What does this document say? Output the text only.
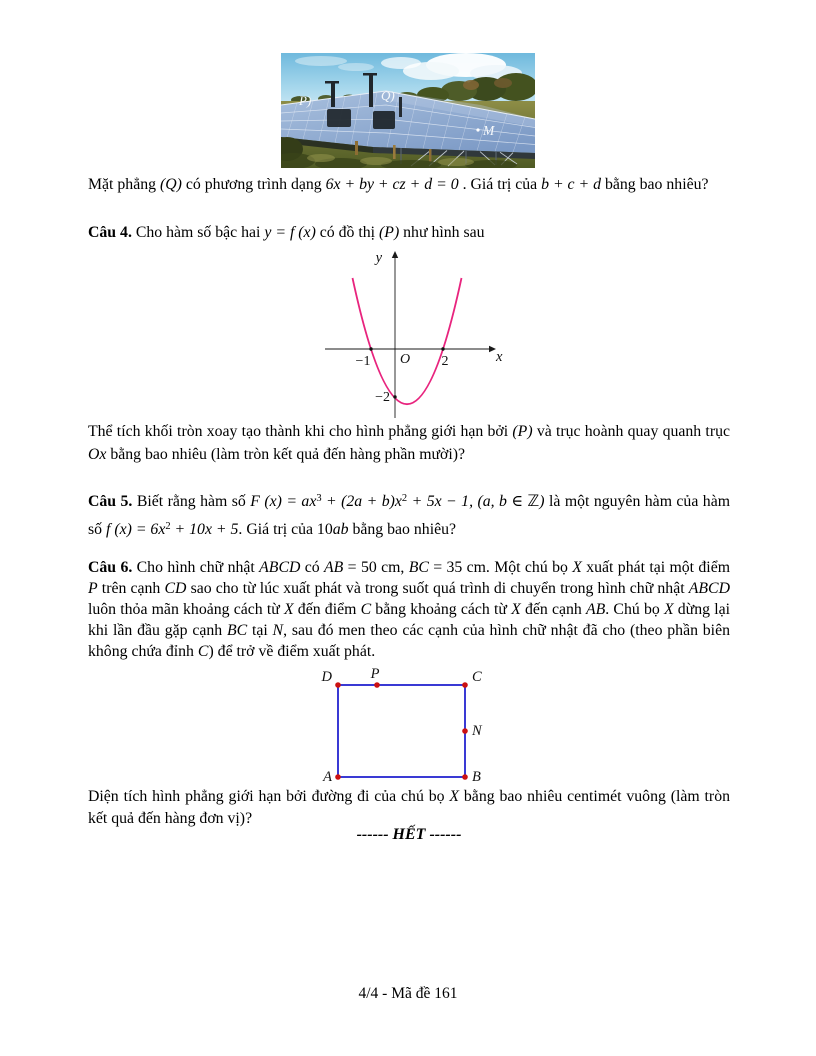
P)	Q)
M

Mặt phẳng (Q) có phương trình dạng 6x + by + cz + d = 0 . Giá trị của b + c + d bằng bao nhiêu?

Câu 4. Cho hàm số bậc hai y = f (x) có đồ thị (P) như hình sau

y
x
O
−1	2
−2

Thể tích khối tròn xoay tạo thành khi cho hình phẳng giới hạn bởi (P) và trục hoành quay quanh trục Ox bằng bao nhiêu (làm tròn kết quả đến hàng phần mười)?

Câu 5. Biết rằng hàm số F $(x) = ax^3 + (2a + b)x^2 + 5x - 1$, (a, b ∈ ℤ) là một nguyên hàm của hàm số f $(x) = 6x^2 + 10x + 5$. Giá trị của 10ab bằng bao nhiêu?

Câu 6. Cho hình chữ nhật ABCD có AB = 50 cm, BC = 35 cm. Một chú bọ X xuất phát tại một điểm P trên cạnh CD sao cho từ lúc xuất phát và trong suốt quá trình di chuyển trong hình chữ nhật ABCD luôn thỏa mãn khoảng cách từ X đến điểm C bằng khoảng cách từ X đến cạnh AB. Chú bọ X dừng lại khi lần đầu gặp cạnh BC tại N, sau đó men theo các cạnh của hình chữ nhật đã cho (theo phần biên không chứa đỉnh C) để trở về điểm xuất phát.

D	P	C
N
A	B

Diện tích hình phẳng giới hạn bởi đường đi của chú bọ X bằng bao nhiêu centimét vuông (làm tròn kết quả đến hàng đơn vị)?

------ HẾT ------
4/4 - Mã đề 161
